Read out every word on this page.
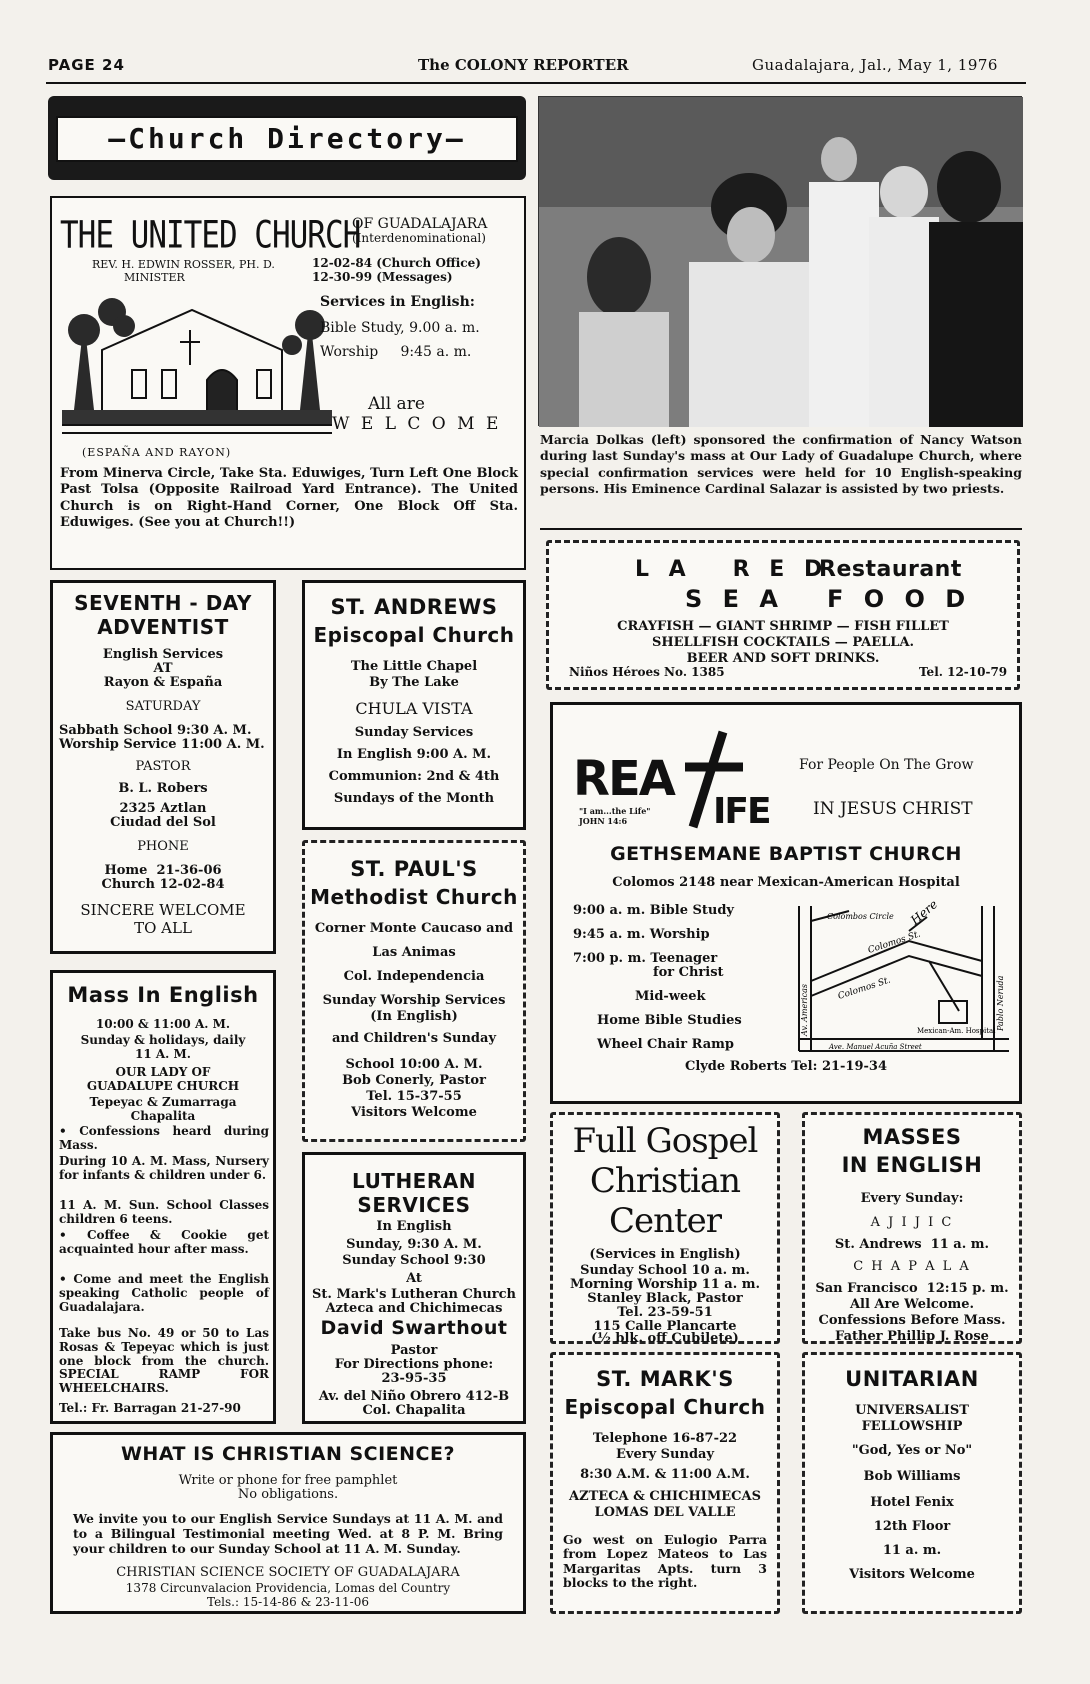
PAGE 24	The COLONY REPORTER	Guadalajara, Jal., May 1, 1976
—Church Directory—
THE UNITED CHURCH
OF GUADALAJARA
(Interdenominational)
REV. H. EDWIN ROSSER, PH. D.
MINISTER
12-02-84 (Church Office)
12-30-99 (Messages)
Services in English:
Bible Study, 9.00 a. m.
Worship     9:45 a. m.
All are
W E L C O M E
(ESPAÑA AND RAYON)
From Minerva Circle, Take Sta. Eduwiges, Turn Left One Block Past Tolsa (Opposite Railroad Yard Entrance). The United Church is on Right-Hand Corner, One Block Off Sta. Eduwiges. (See you at Church!!)
Marcia Dolkas (left) sponsored the confirmation of Nancy Watson during last Sunday's mass at Our Lady of Guadalupe Church, where special confirmation services were held for 10 English-speaking persons. His Eminence Cardinal Salazar is assisted by two priests.
L A   R E D
Restaurant
S E A   F O O D
CRAYFISH — GIANT SHRIMP — FISH FILLET
SHELLFISH COCKTAILS — PAELLA.
BEER AND SOFT DRINKS.
Niños Héroes No. 1385	Tel. 12-10-79
SEVENTH - DAY
ADVENTIST
English Services
AT
Rayon & España
SATURDAY
Sabbath School 9:30 A. M.
Worship Service 11:00 A. M.
PASTOR
B. L. Robers
2325 Aztlan
Ciudad del Sol
PHONE
Home  21-36-06
Church 12-02-84
SINCERE WELCOME
TO ALL
ST. ANDREWS
Episcopal Church
The Little Chapel
By The Lake
CHULA VISTA
Sunday Services
In English 9:00 A. M.
Communion: 2nd & 4th
Sundays of the Month	REA
IFE
"I am...the Life" JOHN 14:6
For People On The Grow
IN JESUS CHRIST
GETHSEMANE BAPTIST CHURCH
Colomos 2148 near Mexican-American Hospital
9:00 a. m. Bible Study
9:45 a. m. Worship
7:00 p. m. Teenager
for Christ
Mid-week
Home Bible Studies
Wheel Chair Ramp
Clyde Roberts Tel: 21-19-34
Here
Colombos Circle
Colomos St.
Colomos St.
Av. Americas	Pablo Neruda
Ave. Manuel Acuña Street
Mexican-Am. Hospital
ST. PAUL'S
Methodist Church
Corner Monte Caucaso and
Las Animas
Col. Independencia
Sunday Worship Services
(In English)
and Children's Sunday
School 10:00 A. M.
Bob Conerly, Pastor
Tel. 15-37-55
Visitors Welcome
Mass In English
10:00 & 11:00 A. M.
Sunday & holidays, daily
11 A. M.
OUR LADY OF
GUADALUPE CHURCH
Tepeyac & Zumarraga
Chapalita
• Confessions heard during Mass.
During 10 A. M. Mass, Nursery for infants & children under 6.
11 A. M. Sun. School Classes children 6 teens.
• Coffee & Cookie get acquainted hour after mass.
• Come and meet the English speaking Catholic people of Guadalajara.
Take bus No. 49 or 50 to Las Rosas & Tepeyac which is just one block from the church. SPECIAL RAMP FOR WHEELCHAIRS.
Tel.: Fr. Barragan 21-27-90
LUTHERAN
SERVICES
In English
Sunday, 9:30 A. M.
Sunday School 9:30
At
St. Mark's Lutheran Church
Azteca and Chichimecas
David Swarthout
Pastor
For Directions phone:
23-95-35
Av. del Niño Obrero 412-B
Col. Chapalita
Full Gospel
Christian
Center
(Services in English)
Sunday School 10 a. m.
Morning Worship 11 a. m.
Stanley Black, Pastor
Tel. 23-59-51
115 Calle Plancarte
(½ blk. off Cubilete)
MASSES
IN ENGLISH
Every Sunday:
A J I J I C
St. Andrews  11 a. m.
C H A P A L A
San Francisco  12:15 p. m.
All Are Welcome. Confessions Before Mass.
Father Phillip J. Rose
WHAT IS CHRISTIAN SCIENCE?
Write or phone for free pamphlet
No obligations.
We invite you to our English Service Sundays at 11 A. M. and to a Bilingual Testimonial meeting Wed. at 8 P. M. Bring your children to our Sunday School at 11 A. M. Sunday.
CHRISTIAN SCIENCE SOCIETY OF GUADALAJARA
1378 Circunvalacion Providencia, Lomas del Country
Tels.: 15-14-86 & 23-11-06
ST. MARK'S
Episcopal Church
Telephone 16-87-22
Every Sunday
8:30 A.M. & 11:00 A.M.
AZTECA & CHICHIMECAS
LOMAS DEL VALLE
Go west on Eulogio Parra from Lopez Mateos to Las Margaritas Apts. turn 3 blocks to the right.
UNITARIAN
UNIVERSALIST
FELLOWSHIP
"God, Yes or No"
Bob Williams
Hotel Fenix
12th Floor
11 a. m.
Visitors Welcome
